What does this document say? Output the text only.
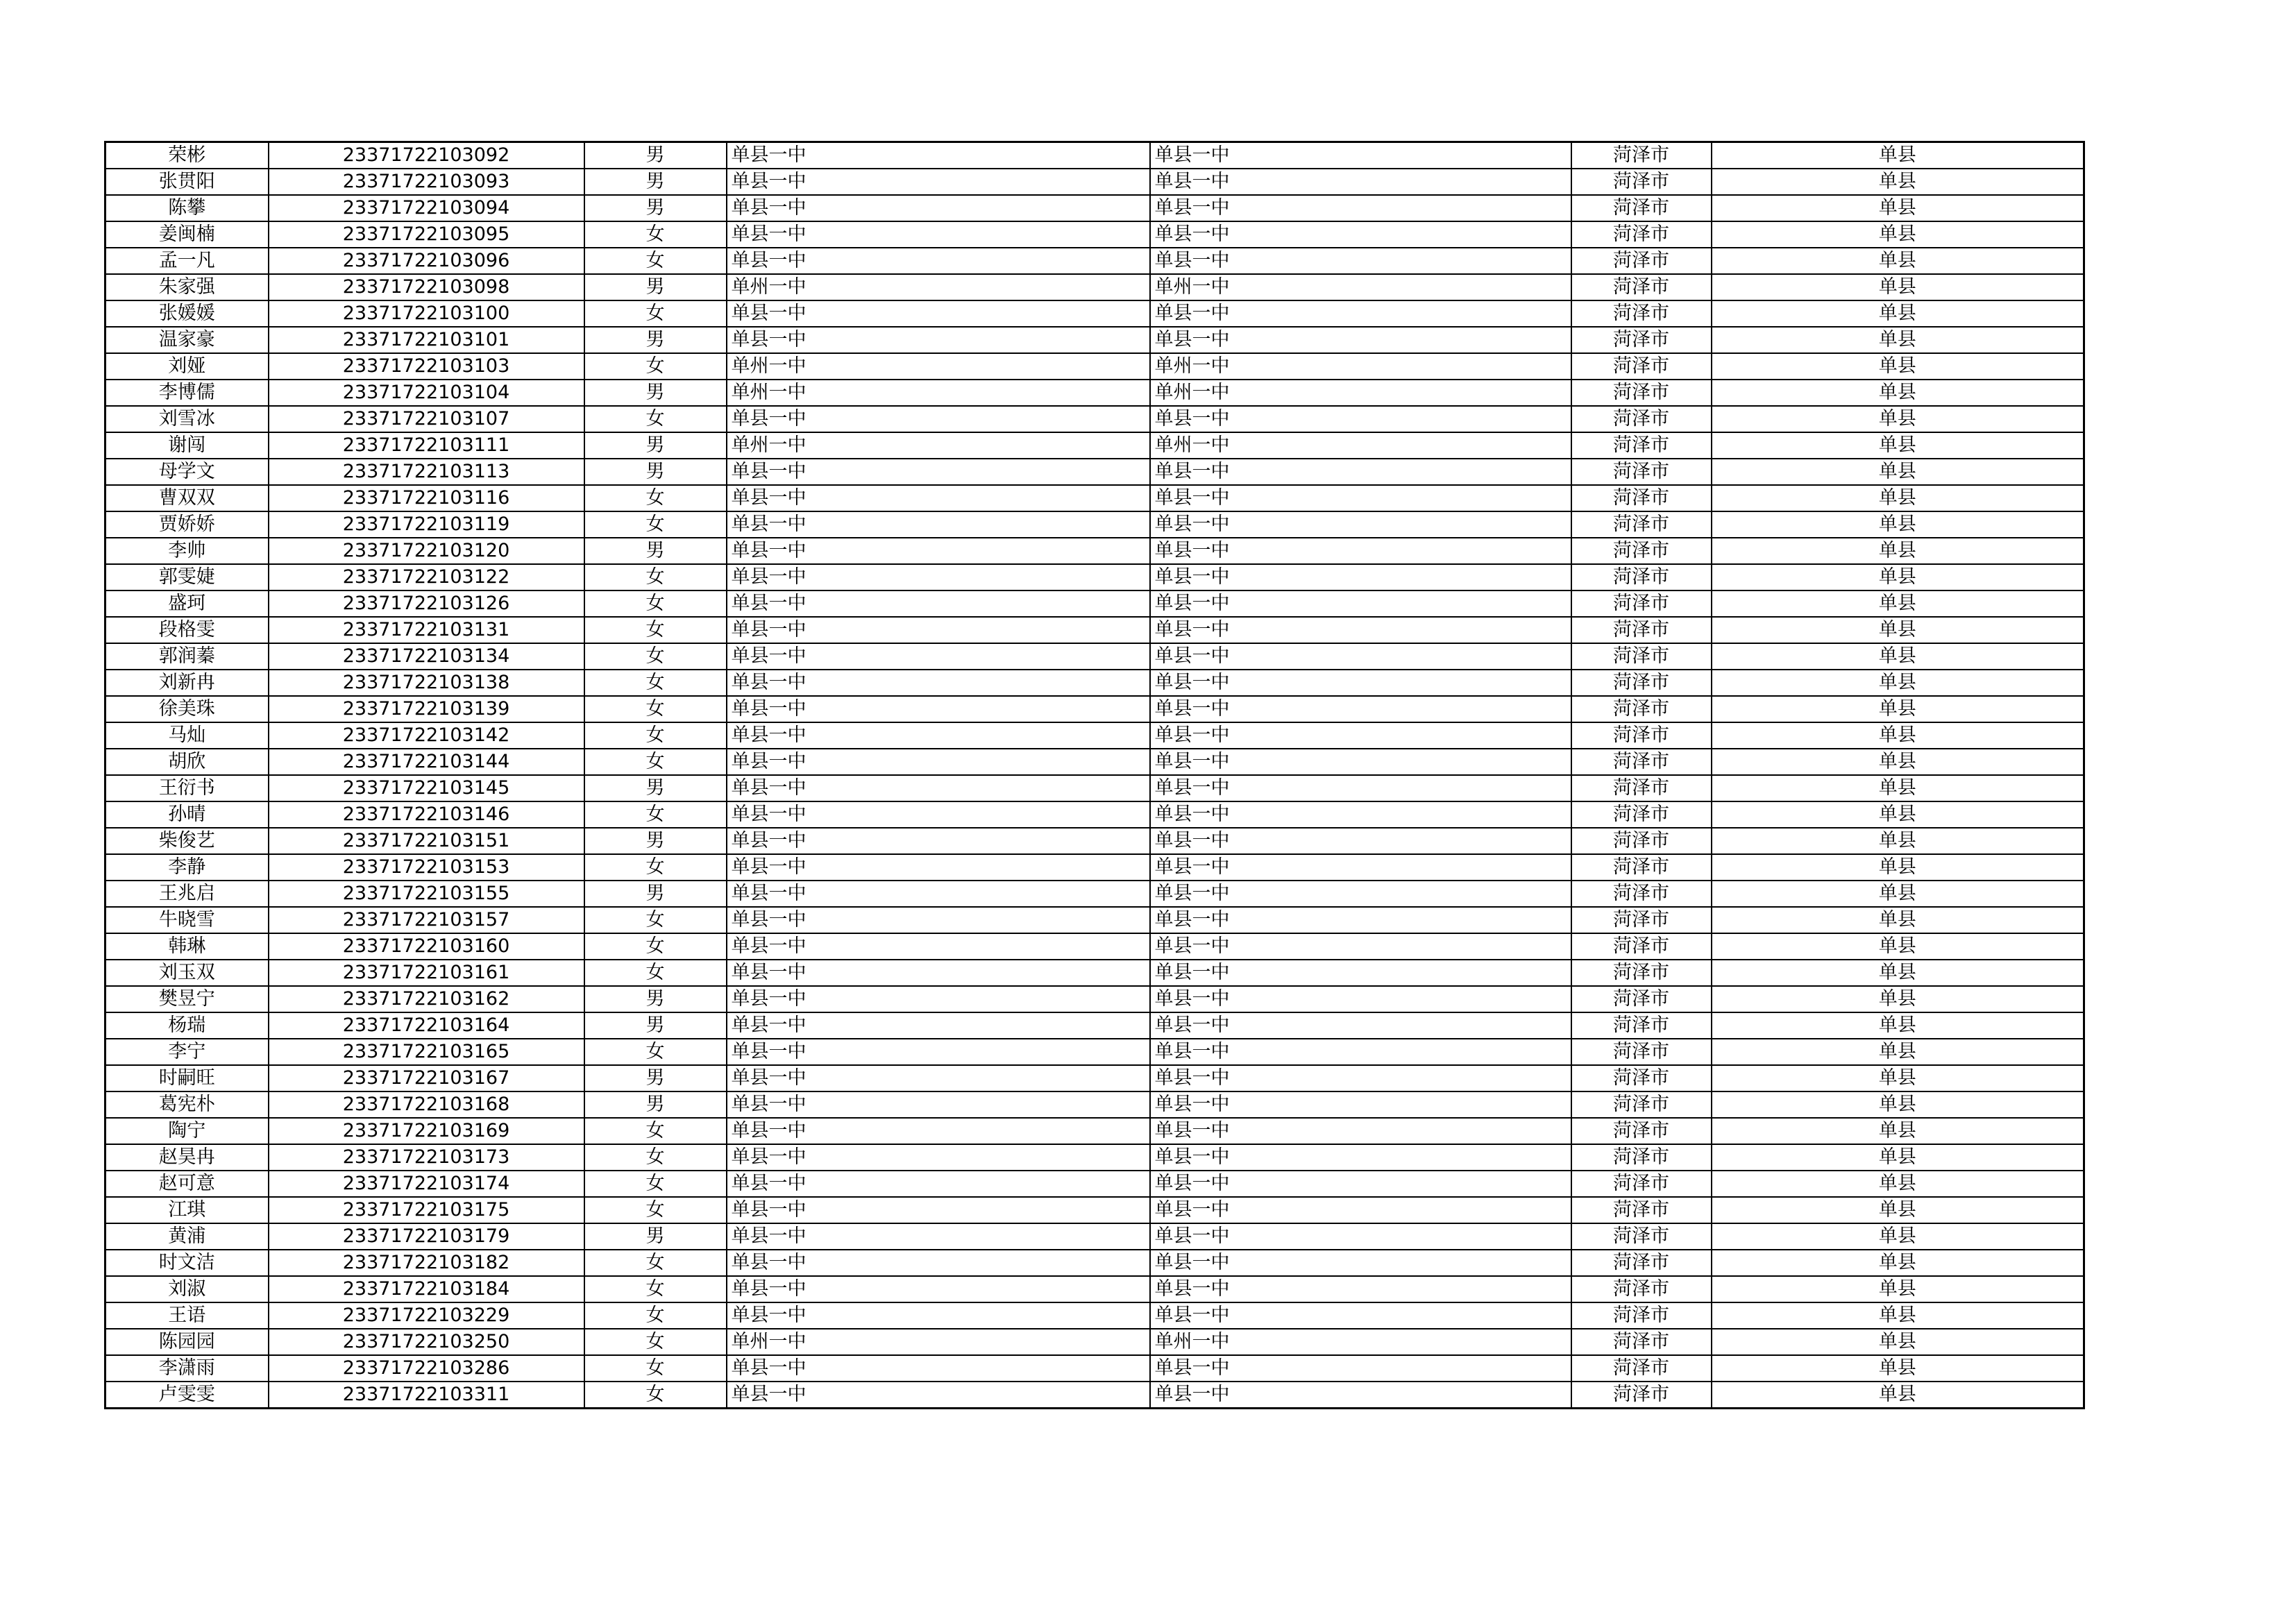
荣彬	23371722103092	男	单县一中	单县一中	菏泽市	单县
张贯阳	23371722103093	男	单县一中	单县一中	菏泽市	单县
陈攀	23371722103094	男	单县一中	单县一中	菏泽市	单县
姜闽楠	23371722103095	女	单县一中	单县一中	菏泽市	单县
孟一凡	23371722103096	女	单县一中	单县一中	菏泽市	单县
朱家强	23371722103098	男	单州一中	单州一中	菏泽市	单县
张媛媛	23371722103100	女	单县一中	单县一中	菏泽市	单县
温家豪	23371722103101	男	单县一中	单县一中	菏泽市	单县
刘娅	23371722103103	女	单州一中	单州一中	菏泽市	单县
李博儒	23371722103104	男	单州一中	单州一中	菏泽市	单县
刘雪冰	23371722103107	女	单县一中	单县一中	菏泽市	单县
谢闯	23371722103111	男	单州一中	单州一中	菏泽市	单县
母学文	23371722103113	男	单县一中	单县一中	菏泽市	单县
曹双双	23371722103116	女	单县一中	单县一中	菏泽市	单县
贾娇娇	23371722103119	女	单县一中	单县一中	菏泽市	单县
李帅	23371722103120	男	单县一中	单县一中	菏泽市	单县
郭雯婕	23371722103122	女	单县一中	单县一中	菏泽市	单县
盛珂	23371722103126	女	单县一中	单县一中	菏泽市	单县
段格雯	23371722103131	女	单县一中	单县一中	菏泽市	单县
郭润蓁	23371722103134	女	单县一中	单县一中	菏泽市	单县
刘新冉	23371722103138	女	单县一中	单县一中	菏泽市	单县
徐美珠	23371722103139	女	单县一中	单县一中	菏泽市	单县
马灿	23371722103142	女	单县一中	单县一中	菏泽市	单县
胡欣	23371722103144	女	单县一中	单县一中	菏泽市	单县
王衍书	23371722103145	男	单县一中	单县一中	菏泽市	单县
孙晴	23371722103146	女	单县一中	单县一中	菏泽市	单县
柴俊艺	23371722103151	男	单县一中	单县一中	菏泽市	单县
李静	23371722103153	女	单县一中	单县一中	菏泽市	单县
王兆启	23371722103155	男	单县一中	单县一中	菏泽市	单县
牛晓雪	23371722103157	女	单县一中	单县一中	菏泽市	单县
韩琳	23371722103160	女	单县一中	单县一中	菏泽市	单县
刘玉双	23371722103161	女	单县一中	单县一中	菏泽市	单县
樊昱宁	23371722103162	男	单县一中	单县一中	菏泽市	单县
杨瑞	23371722103164	男	单县一中	单县一中	菏泽市	单县
李宁	23371722103165	女	单县一中	单县一中	菏泽市	单县
时嗣旺	23371722103167	男	单县一中	单县一中	菏泽市	单县
葛宪朴	23371722103168	男	单县一中	单县一中	菏泽市	单县
陶宁	23371722103169	女	单县一中	单县一中	菏泽市	单县
赵昊冉	23371722103173	女	单县一中	单县一中	菏泽市	单县
赵可意	23371722103174	女	单县一中	单县一中	菏泽市	单县
江琪	23371722103175	女	单县一中	单县一中	菏泽市	单县
黄浦	23371722103179	男	单县一中	单县一中	菏泽市	单县
时文洁	23371722103182	女	单县一中	单县一中	菏泽市	单县
刘淑	23371722103184	女	单县一中	单县一中	菏泽市	单县
王语	23371722103229	女	单县一中	单县一中	菏泽市	单县
陈园园	23371722103250	女	单州一中	单州一中	菏泽市	单县
李潇雨	23371722103286	女	单县一中	单县一中	菏泽市	单县
卢雯雯	23371722103311	女	单县一中	单县一中	菏泽市	单县
